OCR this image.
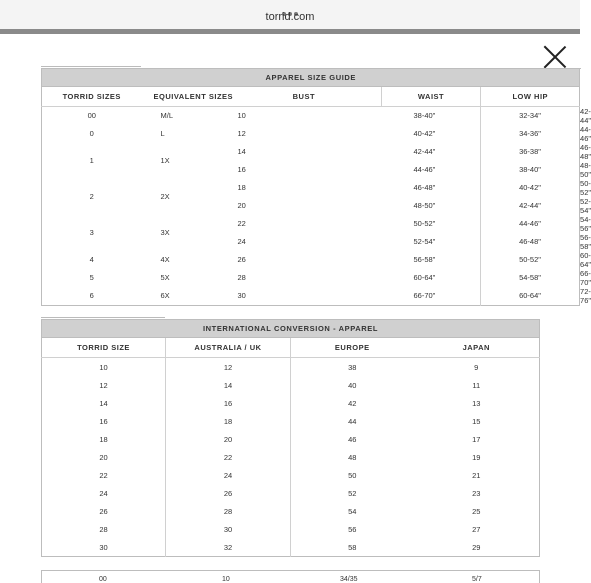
torrid.com
APPAREL SIZE GUIDE					
TORRID SIZES	EQUIVALENT SIZES BUST		WAIST	LOW HIP	
00	M/L	10	38-40"	32-34"	42-44"
0	L	12	40-42"	34-36"	44-46"
1	1X	14	42-44"	36-38"	46-48"
		16	44-46"	38-40"	48-50"
2	2X	18	46-48"	40-42"	50-52"
		20	48-50"	42-44"	52-54"
3	3X	22	50-52"	44-46"	54-56"
		24	52-54"	46-48"	56-58"
4	4X	26	56-58"	50-52"	60-64"
5	5X	28	60-64"	54-58"	66-70"
6	6X	30	66-70"	60-64"	72-76"
INTERNATIONAL CONVERSION - APPAREL			
TORRID SIZE	AUSTRALIA / UK	EUROPE	JAPAN
10	12	38	9
12	14	40	11
14	16	42	13
16	18	44	15
18	20	46	17
20	22	48	19
22	24	50	21
24	26	52	23
26	28	54	25
28	30	56	27
30	32	58	29
00	10	34/35	5/7
